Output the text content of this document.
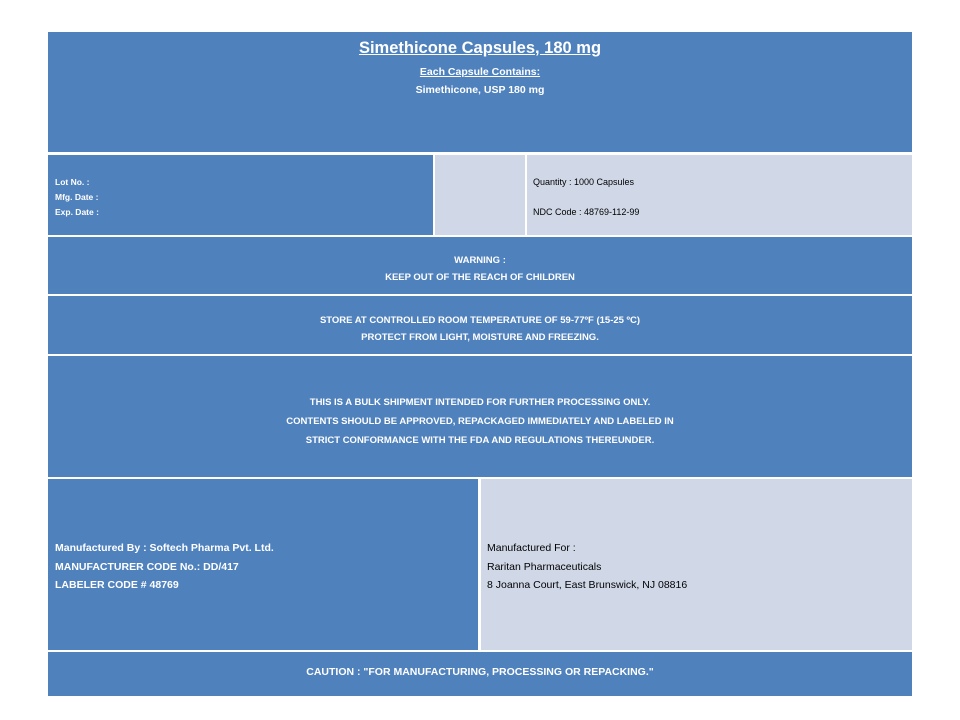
Simethicone Capsules, 180 mg
Each Capsule Contains:
Simethicone, USP 180 mg
Lot No. :
Mfg. Date :
Exp. Date :
Quantity : 1000 Capsules
NDC Code : 48769-112-99
WARNING :
KEEP OUT OF THE REACH OF CHILDREN
STORE AT CONTROLLED ROOM TEMPERATURE OF 59-77ºF (15-25 ºC)
PROTECT FROM LIGHT, MOISTURE AND FREEZING.
THIS IS A BULK SHIPMENT INTENDED FOR FURTHER PROCESSING ONLY.
CONTENTS SHOULD BE APPROVED, REPACKAGED IMMEDIATELY AND LABELED IN
STRICT CONFORMANCE WITH THE FDA AND REGULATIONS THEREUNDER.
Manufactured By : Softech Pharma Pvt. Ltd.
MANUFACTURER CODE No.: DD/417
LABELER CODE # 48769
Manufactured For :
Raritan Pharmaceuticals
8 Joanna Court, East Brunswick, NJ 08816
CAUTION : "FOR MANUFACTURING, PROCESSING OR REPACKING."
